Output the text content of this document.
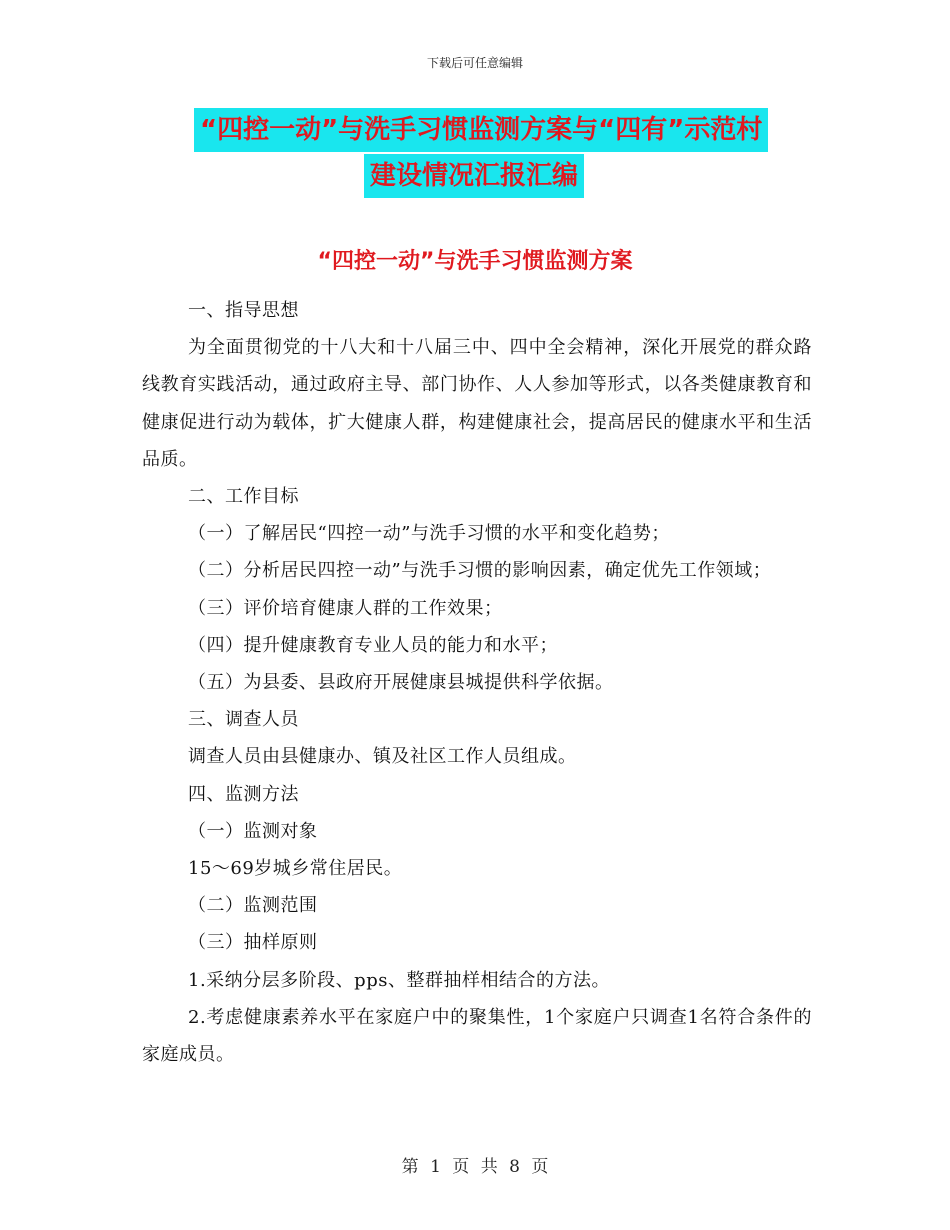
下载后可任意编辑
“四控一动”与洗手习惯监测方案与“四有”示范村
建设情况汇报汇编
“四控一动”与洗手习惯监测方案

一、指导思想

为全面贯彻党的十八大和十八届三中、四中全会精神，深化开展党的群众路线教育实践活动，通过政府主导、部门协作、人人参加等形式，以各类健康教育和健康促进行动为载体，扩大健康人群，构建健康社会，提高居民的健康水平和生活品质。

二、工作目标

（一）了解居民“四控一动”与洗手习惯的水平和变化趋势；

（二）分析居民四控一动”与洗手习惯的影响因素，确定优先工作领域；

（三）评价培育健康人群的工作效果；

（四）提升健康教育专业人员的能力和水平；

（五）为县委、县政府开展健康县城提供科学依据。

三、调查人员

调查人员由县健康办、镇及社区工作人员组成。

四、监测方法

（一）监测对象

15～69岁城乡常住居民。

（二）监测范围

（三）抽样原则

1.采纳分层多阶段、pps、整群抽样相结合的方法。

2.考虑健康素养水平在家庭户中的聚集性，1个家庭户只调查1名符合条件的家庭成员。

第 1 页 共 8 页
